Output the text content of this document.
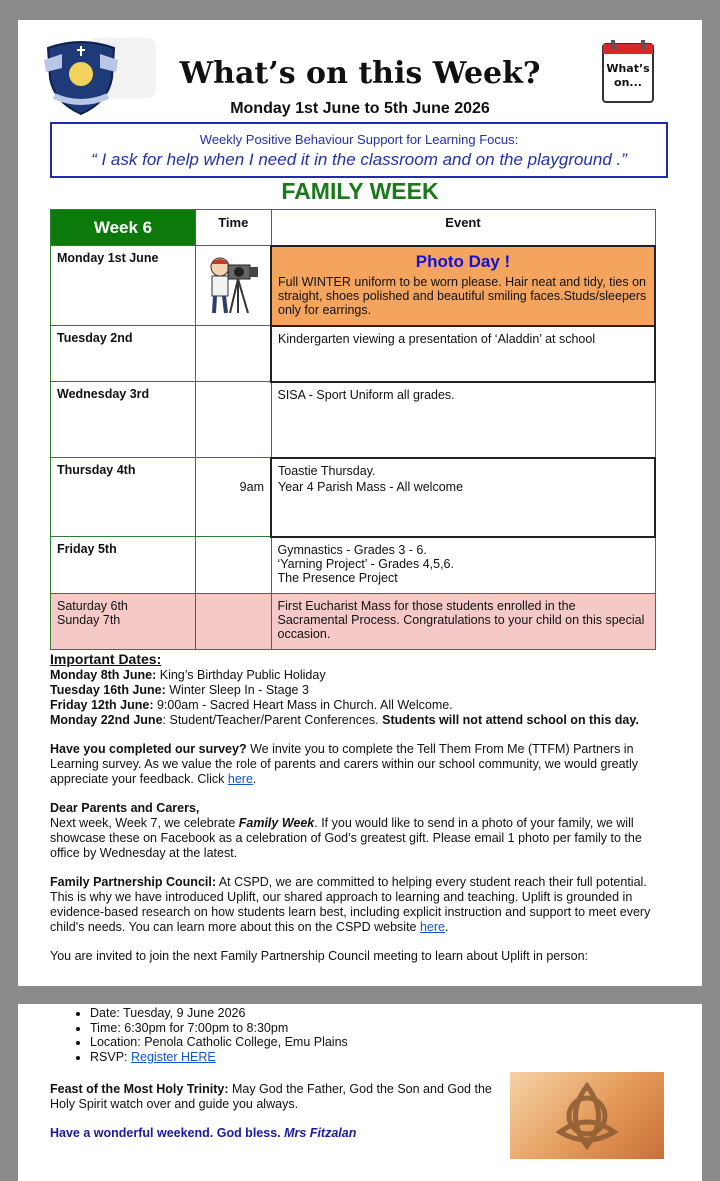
What’s on this Week?
Monday 1st June to 5th June 2026
What’s
on...
Weekly Positive Behaviour Support for Learning Focus:
“ I ask for help when I need it in the classroom and on the playground .”
FAMILY WEEK
Week 6	Time	Event
Monday 1st June		Photo Day !
Full WINTER uniform to be worn please. Hair neat and tidy, ties on straight, shoes polished and beautiful smiling faces.Studs/sleepers only for earrings.

Tuesday 2nd		Kindergarten viewing a presentation of ‘Aladdin’ at school
Wednesday 3rd		SISA - Sport Uniform all grades.
Thursday 4th	9am	Toastie Thursday.
Year 4 Parish Mass - All welcome

Friday 5th		Gymnastics - Grades 3 - 6.
‘Yarning Project’ - Grades 4,5,6.
The Presence Project

Saturday 6th
Sunday 7th		First Eucharist Mass for those students enrolled in the Sacramental Process. Congratulations to your child on this special occasion.

Important Dates:
Monday 8th June: King’s Birthday Public Holiday
Tuesday 16th June: Winter Sleep In - Stage 3
Friday 12th June: 9:00am - Sacred Heart Mass in Church. All Welcome.
Monday 22nd June: Student/Teacher/Parent Conferences. Students will not attend school on this day.

Have you completed our survey? We invite you to complete the Tell Them From Me (TTFM) Partners in Learning survey. As we value the role of parents and carers within our school community, we would greatly appreciate your feedback. Click here.

Dear Parents and Carers,
Next week, Week 7, we celebrate Family Week. If you would like to send in a photo of your family, we will showcase these on Facebook as a celebration of God’s greatest gift. Please email 1 photo per family to the office by Wednesday at the latest.

Family Partnership Council: At CSPD, we are committed to helping every student reach their full potential. This is why we have introduced Uplift, our shared approach to learning and teaching. Uplift is grounded in evidence-based research on how students learn best, including explicit instruction and support to meet every child's needs. You can learn more about this on the CSPD website here.

You are invited to join the next Family Partnership Council meeting to learn about Uplift in person:

• Date: Tuesday, 9 June 2026
• Time: 6:30pm for 7:00pm to 8:30pm
• Location: Penola Catholic College, Emu Plains
• RSVP: Register HERE
Feast of the Most Holy Trinity: May God the Father, God the Son and God the Holy Spirit watch over and guide you always.
Have a wonderful weekend. God bless. Mrs Fitzalan
